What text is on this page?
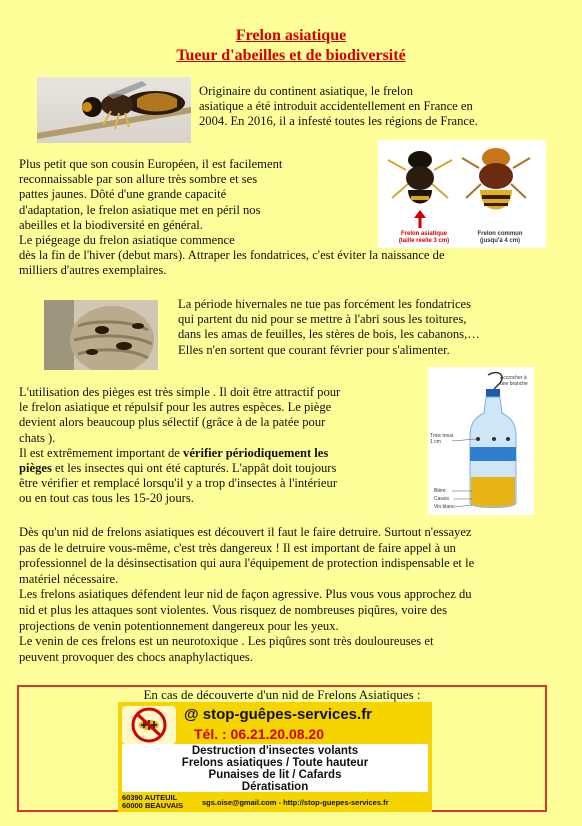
Frelon asiatique
Tueur d'abeilles et de biodiversité
Originaire du continent asiatique, le frelon
asiatique a été introduit accidentellement en France en
2004. En 2016, il a infesté toutes les régions de France.
Plus petit que son cousin Européen, il est facilement
reconnaissable par son allure très sombre et ses
pattes jaunes. Dôté d'une grande capacité
d'adaptation, le frelon asiatique met en péril nos
abeilles et la biodiversité en général.
Le piégeage du frelon asiatique commence
dès la fin de l'hiver (debut mars). Attraper les fondatrices, c'est éviter la naissance de
milliers d'autres exemplaires.
Frelon asiatique
(taille réelle 3 cm)
Frelon commun
(jusqu'à 4 cm)
La période hivernales ne tue pas forcément les fondatrices
qui partent du nid pour se mettre à l'abri sous les toitures,
dans les amas de feuilles, les stères de bois, les cabanons,…
Elles n'en sortent que courant février pour s'alimenter.
L'utilisation des pièges est très simple . Il doit être attractif pour
le frelon asiatique et répulsif pour les autres espèces. Le piège
devient alors beaucoup plus sélectif (grâce à de la patée pour
chats ).
Il est extrêmement important de vérifier périodiquement les
pièges et les insectes qui ont été capturés. L'appât doit toujours
être vérifier et remplacé lorsqu'il y a trop d'insectes à l'intérieur
ou en tout cas tous les 15-20 jours.
Accrocher à une branche
Trois trous 1 cm
Bière
Cassis
Vin blanc
Dès qu'un nid de frelons asiatiques est découvert il faut le faire detruire. Surtout n'essayez
pas de le detruire vous-même, c'est très dangereux ! Il est important de faire appel à un
professionnel de la désinsectisation qui aura l'équipement de protection indispensable et le
matériel nécessaire.
Les frelons asiatiques défendent leur nid de façon agressive. Plus vous vous approchez du
nid et plus les attaques sont violentes. Vous risquez de nombreuses piqûres, voire des
projections de venin potentionnement dangereux pour les yeux.
Le venin de ces frelons est un neurotoxique . Les piqûres sont très douloureuses et
peuvent provoquer des chocs anaphylactiques.
En cas de découverte d'un nid de Frelons Asiatiques :
@ stop-guêpes-services.fr
Tél. : 06.21.20.08.20
Destruction d'insectes volants
Frelons asiatiques / Toute hauteur
Punaises de lit / Cafards
Dératisation
60390 AUTEUIL
60000 BEAUVAIS	sgs.oise@gmail.com - http://stop-guepes-services.fr
